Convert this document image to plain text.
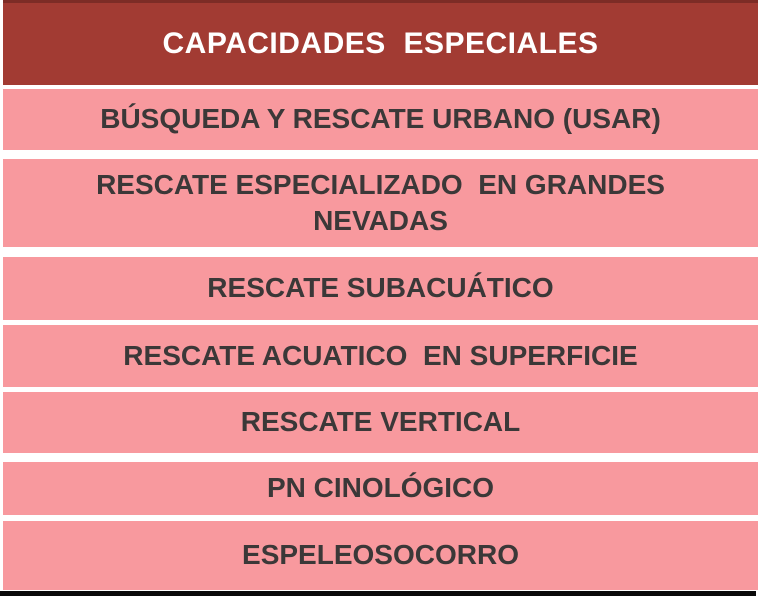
CAPACIDADES  ESPECIALES
BÚSQUEDA Y RESCATE URBANO (USAR)
RESCATE ESPECIALIZADO  EN GRANDES NEVADAS
RESCATE SUBACUÁTICO
RESCATE ACUATICO  EN SUPERFICIE
RESCATE VERTICAL
PN CINOLÓGICO
ESPELEOSOCORRO
